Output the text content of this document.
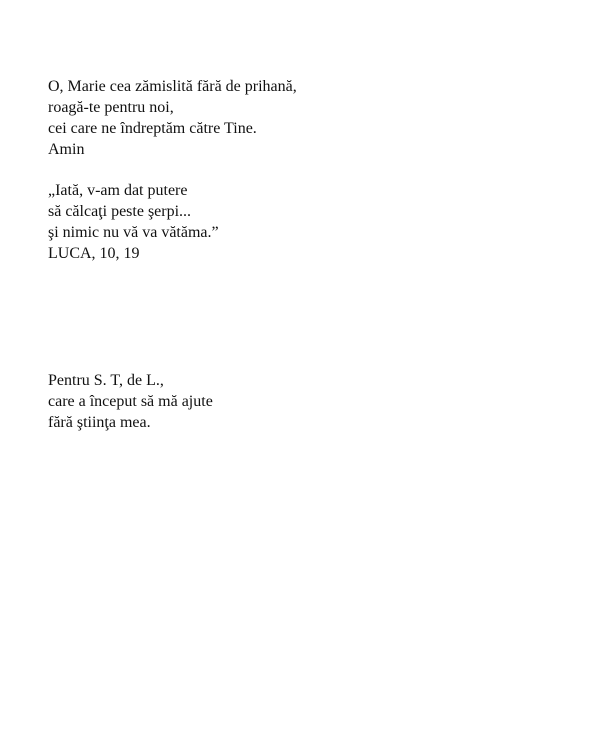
O, Marie cea zămislită fără de prihană,
roagă-te pentru noi,
cei care ne îndreptăm către Tine.
Amin
„Iată, v-am dat putere
să călcaţi peste şerpi...
şi nimic nu vă va vătăma.”
LUCA, 10, 19
Pentru S. T, de L.,
care a început să mă ajute
fără ştiinţa mea.
